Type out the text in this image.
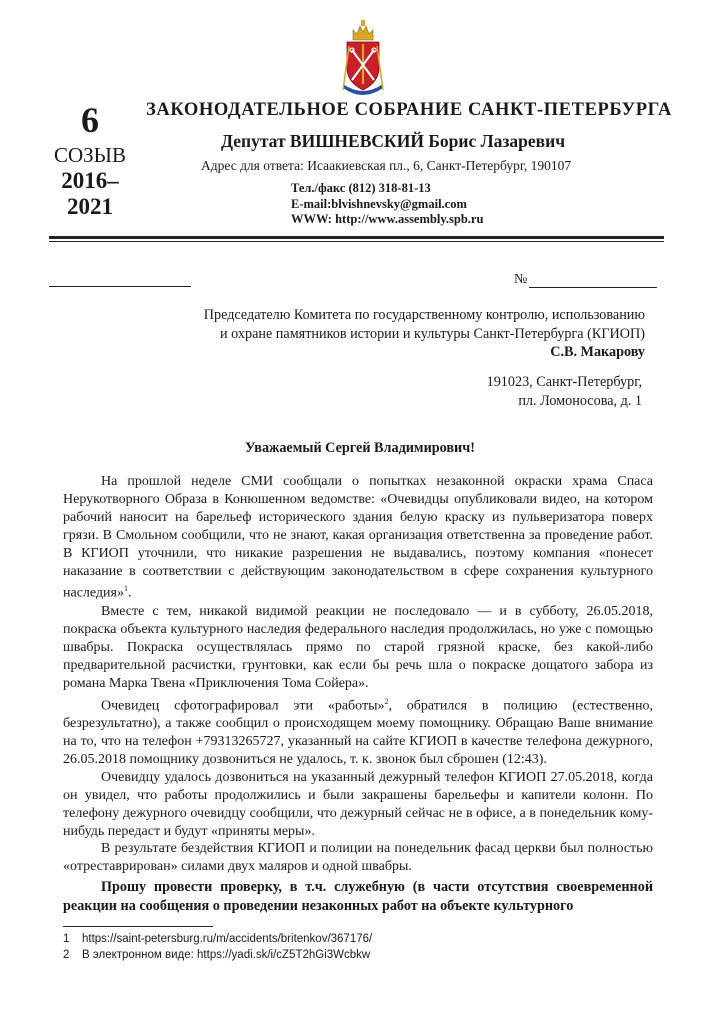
6
СОЗЫВ
2016–
2021
ЗАКОНОДАТЕЛЬНОЕ СОБРАНИЕ САНКТ-ПЕТЕРБУРГА
Депутат ВИШНЕВСКИЙ Борис Лазаревич
Адрес для ответа: Исаакиевская пл., 6, Санкт-Петербург, 190107
Тел./факс (812) 318-81-13
E-mail:blvishnevsky@gmail.com
WWW: http://www.assembly.spb.ru
№
Председателю Комитета по государственному контролю, использованию
и охране памятников истории и культуры Санкт-Петербурга (КГИОП)
С.В. Макарову
191023, Санкт-Петербург,
пл. Ломоносова, д. 1
Уважаемый Сергей Владимирович!

На прошлой неделе СМИ сообщали о попытках незаконной окраски храма Спаса Нерукотворного Образа в Конюшенном ведомстве: «Очевидцы опубликовали видео, на котором рабочий наносит на барельеф исторического здания белую краску из пульверизатора поверх грязи. В Смольном сообщили, что не знают, какая организация ответственна за проведение работ. В КГИОП уточнили, что никакие разрешения не выдавались, поэтому компания «понесет наказание в соответствии с действующим законодательством в сфере сохранения культурного наследия»$^1$.

Вместе с тем, никакой видимой реакции не последовало — и в субботу, 26.05.2018, покраска объекта культурного наследия федерального наследия продолжилась, но уже с помощью швабры. Покраска осуществлялась прямо по старой грязной краске, без какой-либо предварительной расчистки, грунтовки, как если бы речь шла о покраске дощатого забора из романа Марка Твена «Приключения Тома Сойера».

Очевидец сфотографировал эти «работы»$^2$, обратился в полицию (естественно, безрезультатно), а также сообщил о происходящем моему помощнику. Обращаю Ваше внимание на то, что на телефон +79313265727, указанный на сайте КГИОП в качестве телефона дежурного, 26.05.2018 помощнику дозвониться не удалось, т. к. звонок был сброшен (12:43).

Очевидцу удалось дозвониться на указанный дежурный телефон КГИОП 27.05.2018, когда он увидел, что работы продолжились и были закрашены барельефы и капители колонн. По телефону дежурного очевидцу сообщили, что дежурный сейчас не в офисе, а в понедельник кому-нибудь передаст и будут «приняты меры».

В результате бездействия КГИОП и полиции на понедельник фасад церкви был полностью «отреставрирован» силами двух маляров и одной швабры.

Прошу провести проверку, в т.ч. служебную (в части отсутствия своевременной реакции на сообщения о проведении незаконных работ на объекте культурного

1	https://saint-petersburg.ru/m/accidents/britenkov/367176/
2	В электронном виде: https://yadi.sk/i/cZ5T2hGi3Wcbkw
